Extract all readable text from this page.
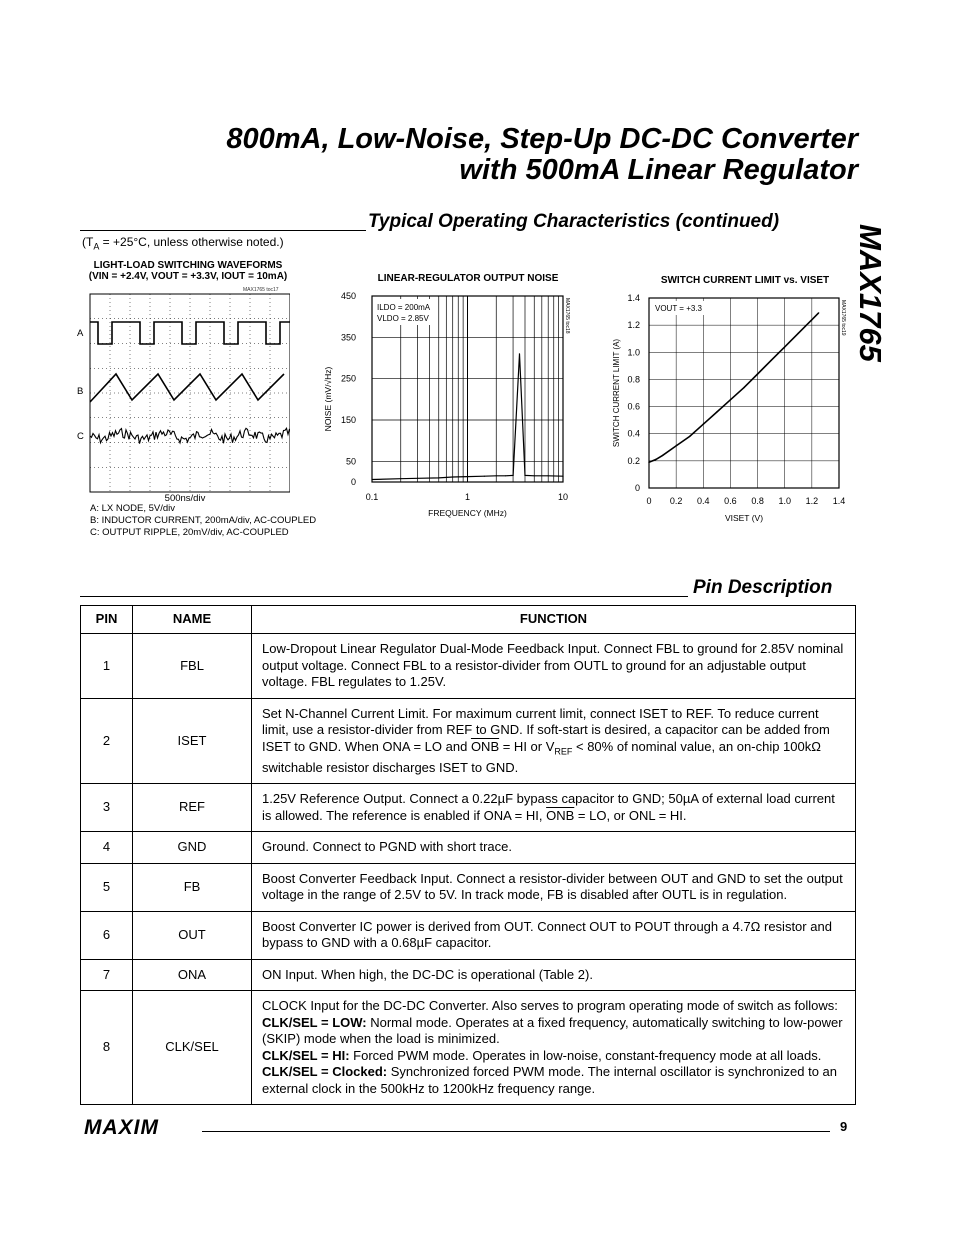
800mA, Low-Noise, Step-Up DC-DC Converter
with 500mA Linear Regulator
MAX1765
Typical Operating Characteristics (continued)
($T_A = +25^\circ C$, unless otherwise noted.)
LIGHT-LOAD SWITCHING WAVEFORMS
(VIN = +2.4V, VOUT = +3.3V, IOUT = 10mA)
MAX1765 toc17
A
B
C
500ns/div
A: LX NODE, 5V/div
B: INDUCTOR CURRENT, 200mA/div, AC-COUPLED
C: OUTPUT RIPPLE, 20mV/div, AC-COUPLED
LINEAR-REGULATOR OUTPUT NOISE
450
350
250
150
50
0
0.1	1	10
FREQUENCY (MHz)
NOISE (mV/√Hz)
MAX1765 toc18
ILDO = 200mA
VLDO = 2.85V
SWITCH CURRENT LIMIT vs. VISET
1.4
1.2
1.0
0.8
0.6
0.4
0.2
0
0 0.2 0.4 0.6 0.8 1.0 1.2 1.4
VISET (V)
SWITCH CURRENT LIMIT (A)
MAX1765 toc19
VOUT = +3.3
Pin Description
PIN	NAME	FUNCTION
1	FBL	Low-Dropout Linear Regulator Dual-Mode Feedback Input. Connect FBL to ground for 2.85V nominal output voltage. Connect FBL to a resistor-divider from OUTL to ground for an adjustable output voltage. FBL regulates to 1.25V.
2	ISET	Set N-Channel Current Limit. For maximum current limit, connect ISET to REF. To reduce current limit, use a resistor-divider from REF to GND. If soft-start is desired, a capacitor can be added from ISET to GND. When ONA = LO and $\overline{ONB}$ = HI or $V_{REF} < 80\%$ of nominal value, an on-chip 100kΩ switchable resistor discharges ISET to GND.
3	REF	1.25V Reference Output. Connect a 0.22µF bypass capacitor to GND; 50µA of external load current is allowed. The reference is enabled if ONA = HI, $\overline{ONB}$ = LO, or ONL = HI.
4	GND	Ground. Connect to PGND with short trace.
5	FB	Boost Converter Feedback Input. Connect a resistor-divider between OUT and GND to set the output voltage in the range of 2.5V to 5V. In track mode, FB is disabled after OUTL is in regulation.
6	OUT	Boost Converter IC power is derived from OUT. Connect OUT to POUT through a 4.7Ω resistor and bypass to GND with a 0.68µF capacitor.
7	ONA	ON Input. When high, the DC-DC is operational (Table 2).
8	CLK/SEL	CLOCK Input for the DC-DC Converter. Also serves to program operating mode of switch as follows:
CLK/SEL = LOW: Normal mode. Operates at a fixed frequency, automatically switching to low-power (SKIP) mode when the load is minimized.
CLK/SEL = HI: Forced PWM mode. Operates in low-noise, constant-frequency mode at all loads.
CLK/SEL = Clocked: Synchronized forced PWM mode. The internal oscillator is synchronized to an external clock in the 500kHz to 1200kHz frequency range.
MAXIM	9
